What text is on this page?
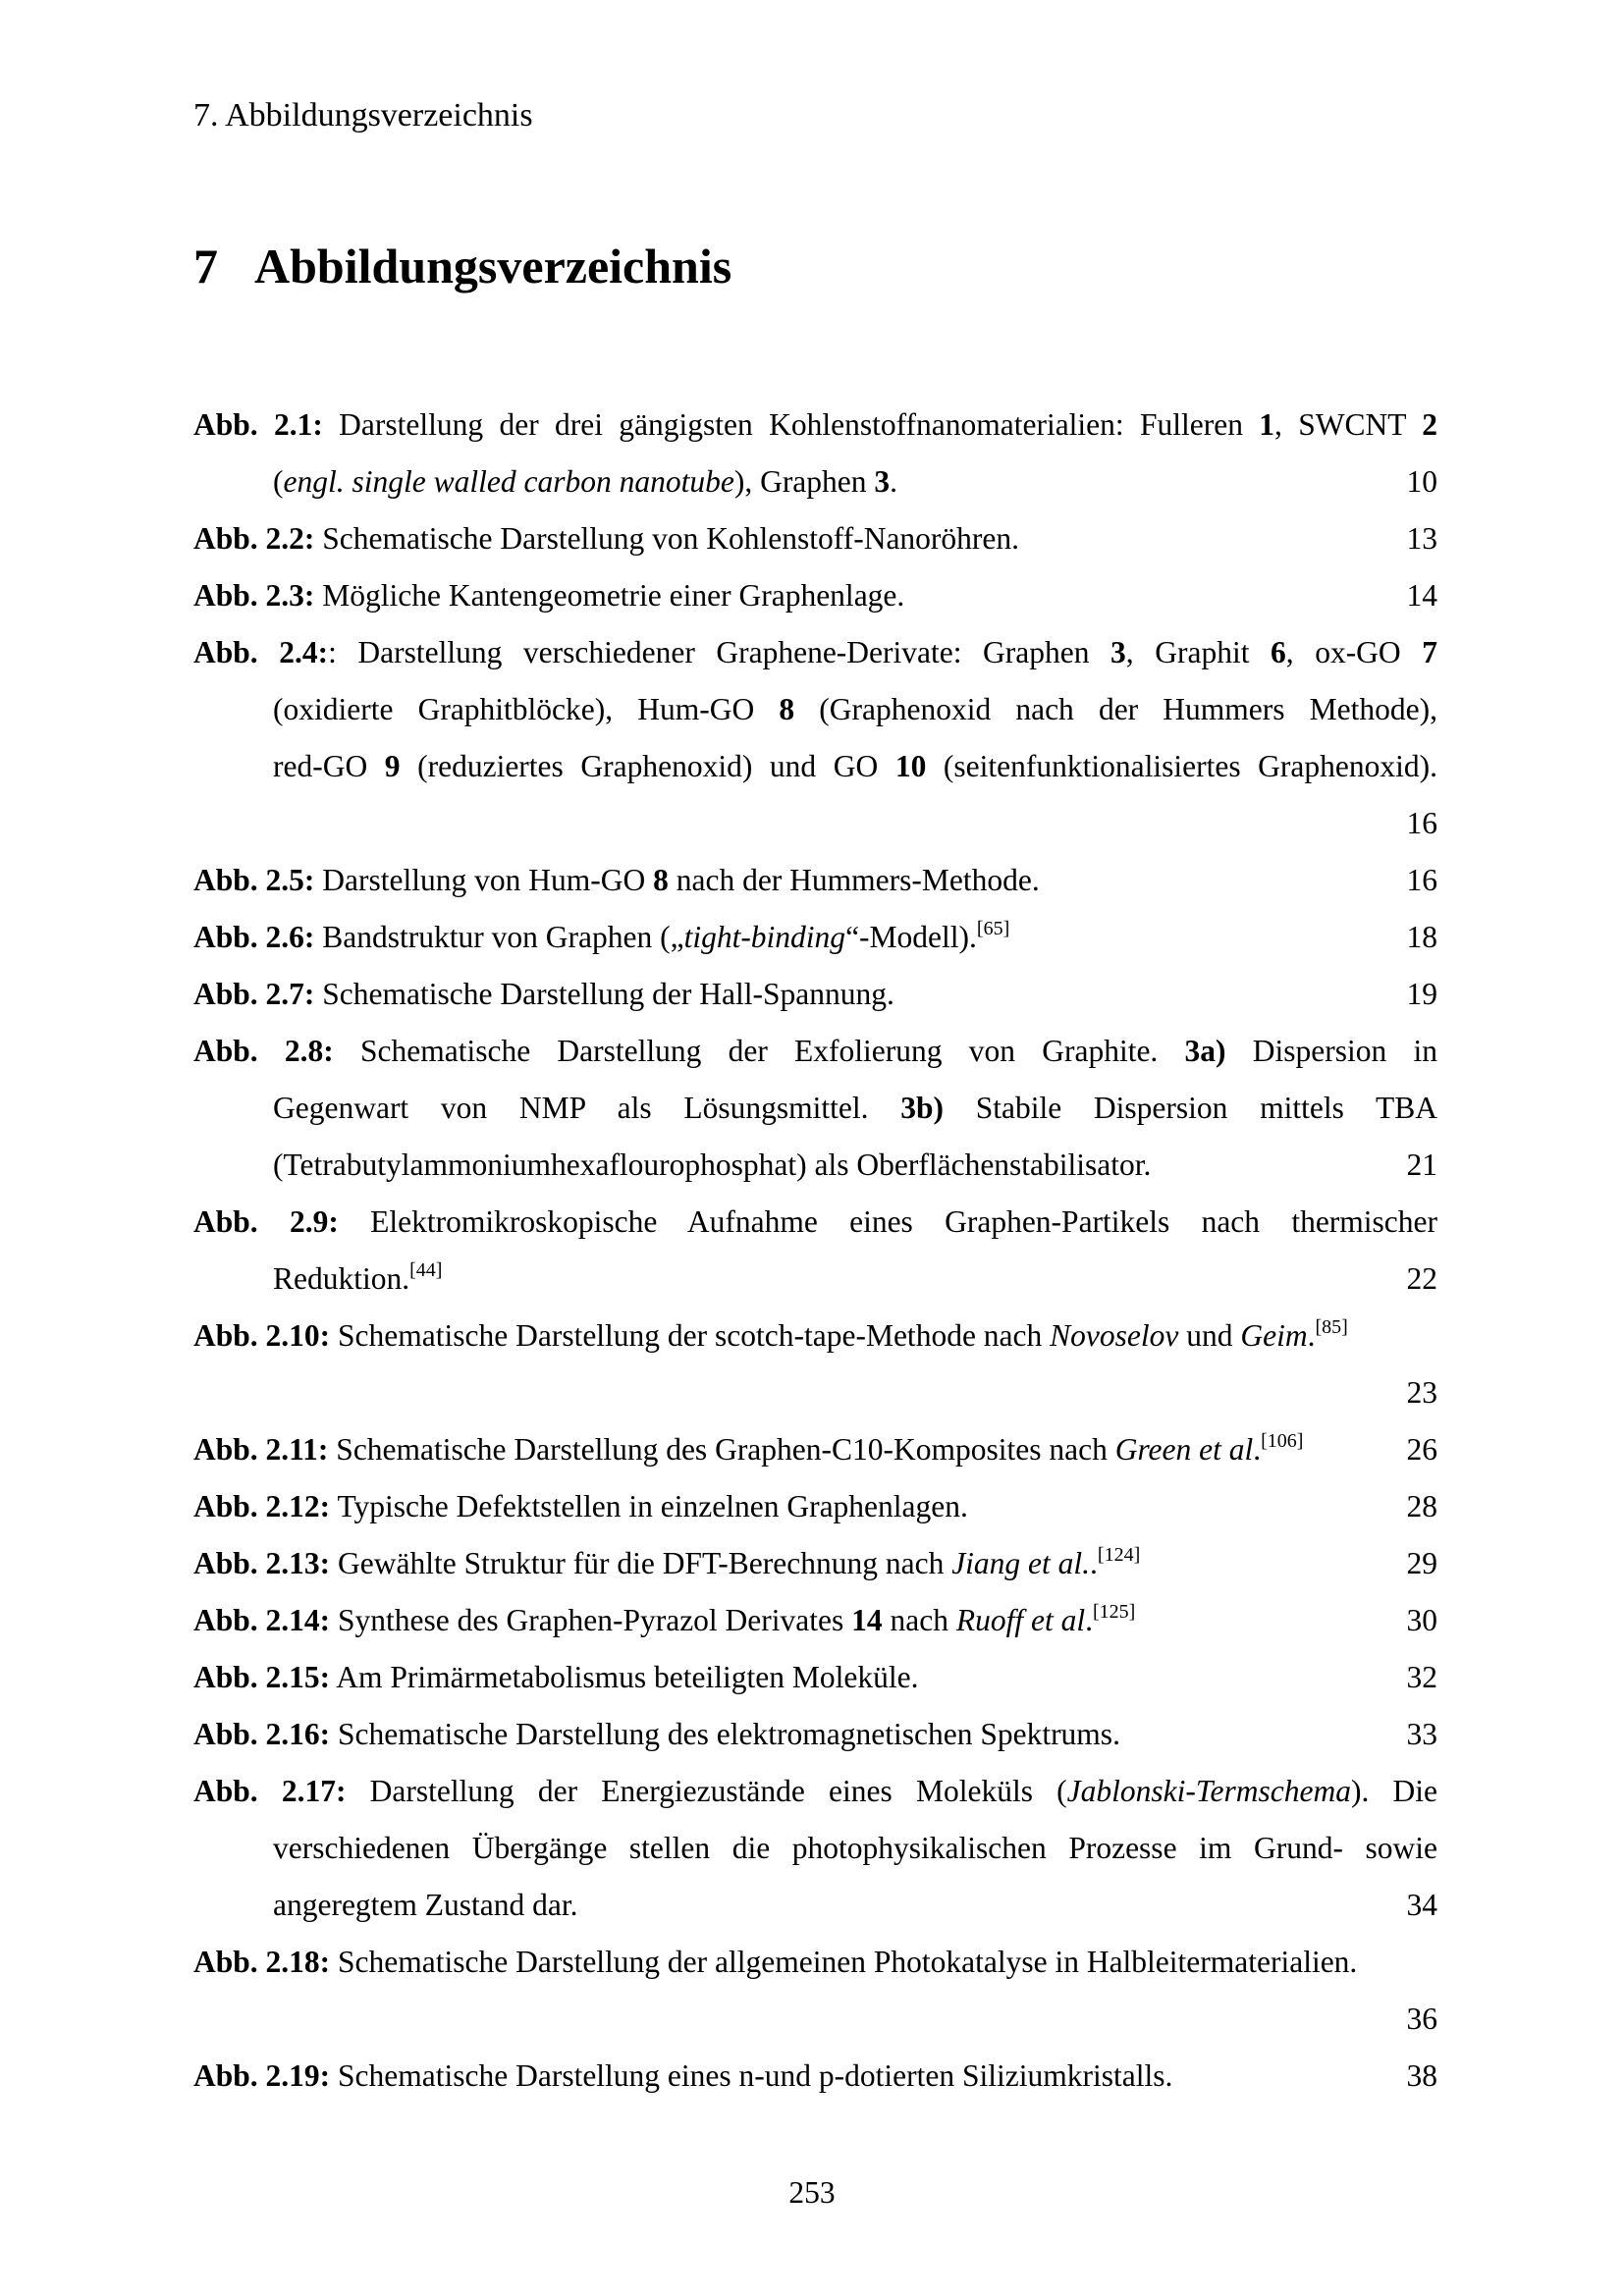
7. Abbildungsverzeichnis
7 Abbildungsverzeichnis

Abb. 2.1: Darstellung der drei gängigsten Kohlenstoffnanomaterialien: Fulleren 1, SWCNT 2

(engl. single walled carbon nanotube), Graphen 3.	10
Abb. 2.2: Schematische Darstellung von Kohlenstoff-Nanoröhren.	13
Abb. 2.3: Mögliche Kantengeometrie einer Graphenlage.	14

Abb. 2.4:: Darstellung verschiedener Graphene-Derivate: Graphen 3, Graphit 6, ox-GO 7

(oxidierte Graphitblöcke), Hum-GO 8 (Graphenoxid nach der Hummers Methode),

red-GO 9 (reduziertes Graphenoxid) und GO 10 (seitenfunktionalisiertes Graphenoxid).

16
Abb. 2.5: Darstellung von Hum-GO 8 nach der Hummers-Methode.	16
Abb. 2.6: Bandstruktur von Graphen („tight-binding“-Modell).[65]	18
Abb. 2.7: Schematische Darstellung der Hall-Spannung.	19

Abb. 2.8: Schematische Darstellung der Exfolierung von Graphite. 3a) Dispersion in

Gegenwart von NMP als Lösungsmittel. 3b) Stabile Dispersion mittels TBA

(Tetrabutylammoniumhexaflourophosphat) als Oberflächenstabilisator.	21

Abb. 2.9: Elektromikroskopische Aufnahme eines Graphen-Partikels nach thermischer

Reduktion.[44]	22

Abb. 2.10: Schematische Darstellung der scotch-tape-Methode nach Novoselov und Geim.[85]

23
Abb. 2.11: Schematische Darstellung des Graphen-C10-Komposites nach Green et al.[106]	26
Abb. 2.12: Typische Defektstellen in einzelnen Graphenlagen.	28
Abb. 2.13: Gewählte Struktur für die DFT-Berechnung nach Jiang et al..[124]	29
Abb. 2.14: Synthese des Graphen-Pyrazol Derivates 14 nach Ruoff et al.[125]	30
Abb. 2.15: Am Primärmetabolismus beteiligten Moleküle.	32
Abb. 2.16: Schematische Darstellung des elektromagnetischen Spektrums.	33

Abb. 2.17: Darstellung der Energiezustände eines Moleküls (Jablonski-Termschema). Die

verschiedenen Übergänge stellen die photophysikalischen Prozesse im Grund- sowie

angeregtem Zustand dar.	34

Abb. 2.18: Schematische Darstellung der allgemeinen Photokatalyse in Halbleitermaterialien.

36
Abb. 2.19: Schematische Darstellung eines n-und p-dotierten Siliziumkristalls.	38
253
